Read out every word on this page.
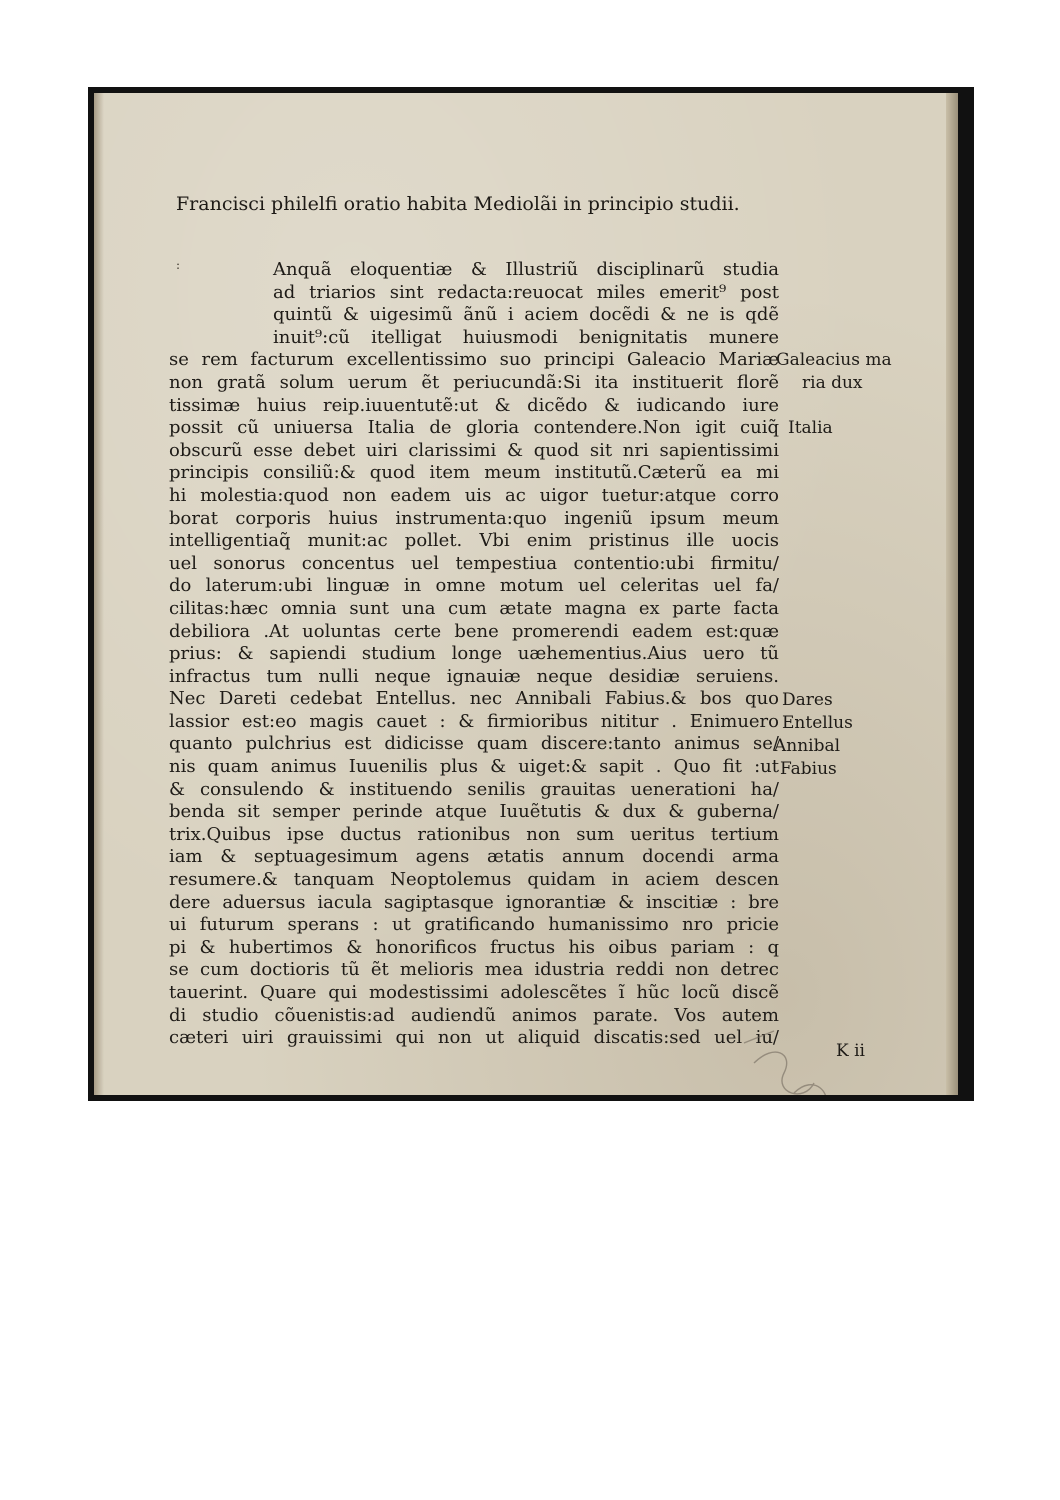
Francisci philelfi oratio habita Mediolãi in principio studii.
Anquã eloquentiæ & Illustriũ disciplinarũ studia
ad triarios sint redacta:reuocat miles emerit⁹ post
quintũ & uigesimũ ãnũ i aciem docẽdi & ne is qdẽ
inuit⁹:cũ itelligat huiusmodi benignitatis munere
se rem facturum excellentissimo suo principi Galeacio Mariæ
non gratã solum uerum ẽt periucundã:Si ita instituerit florẽ
tissimæ huius reip.iuuentutẽ:ut & dicẽdo & iudicando iure
possit cũ uniuersa Italia de gloria contendere.Non igit cuiq̃
obscurũ esse debet uiri clarissimi & quod sit nri sapientissimi
principis consiliũ:& quod item meum institutũ.Cæterũ ea mi
hi molestia:quod non eadem uis ac uigor tuetur:atque corro
borat corporis huius instrumenta:quo ingeniũ ipsum meum
intelligentiaq̃ munit:ac pollet. Vbi enim pristinus ille uocis
uel sonorus concentus uel tempestiua contentio:ubi firmitu/
do laterum:ubi linguæ in omne motum uel celeritas uel fa/
cilitas:hæc omnia sunt una cum ætate magna ex parte facta
debiliora .At uoluntas certe bene promerendi eadem est:quæ
prius: & sapiendi studium longe uæhementius.Aius uero tũ
infractus tum nulli neque ignauiæ neque desidiæ seruiens.
Nec Dareti cedebat Entellus. nec Annibali Fabius.& bos quo
lassior est:eo magis cauet : & firmioribus nititur . Enimuero
quanto pulchrius est didicisse quam discere:tanto animus se/
nis quam animus Iuuenilis plus & uiget:& sapit . Quo fit :ut
& consulendo & instituendo senilis grauitas uenerationi ha/
benda sit semper perinde atque Iuuẽtutis & dux & guberna/
trix.Quibus ipse ductus rationibus non sum ueritus tertium
iam & septuagesimum agens ætatis annum docendi arma
resumere.& tanquam Neoptolemus quidam in aciem descen
dere aduersus iacula sagiptasque ignorantiæ & inscitiæ : bre
ui futurum sperans : ut gratificando humanissimo nro pricie
pi & hubertimos & honorificos fructus his oibus pariam : q
se cum doctioris tũ ẽt melioris mea idustria reddi non detrec
tauerint. Quare qui modestissimi adolescẽtes ĩ hũc locũ discẽ
di studio cõuenistis:ad audiendũ animos parate. Vos autem
cæteri uiri grauissimi qui non ut aliquid discatis:sed uel iu/
Galeacius ma
ria dux
Italia
Dares
Entellus
Annibal
Fabius
K ii
:
